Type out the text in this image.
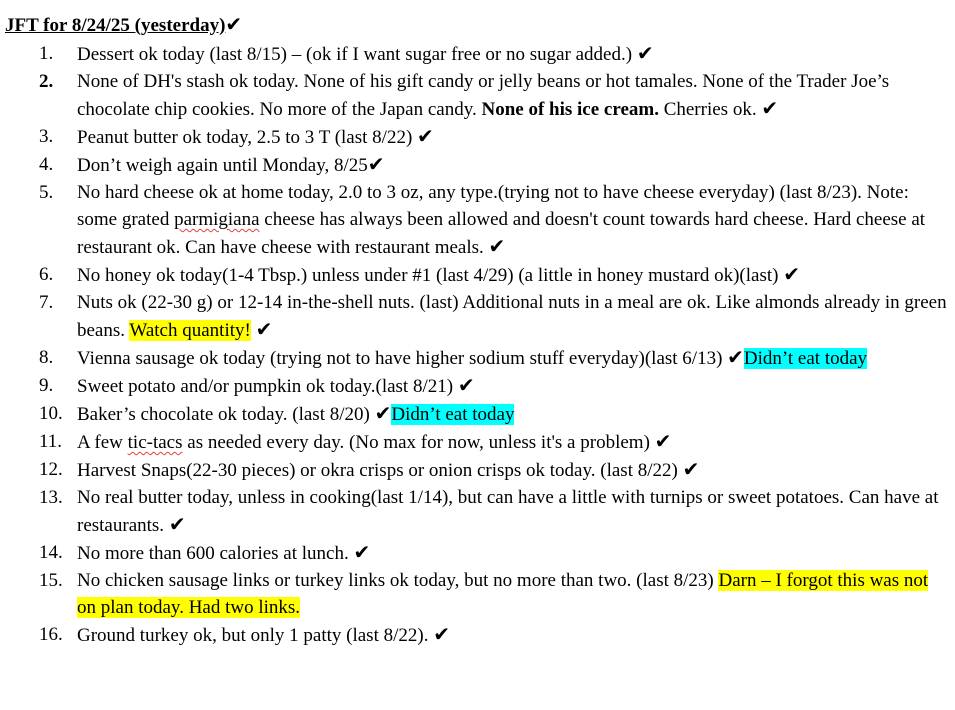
JFT for 8/24/25 (yesterday)✔
1. Dessert ok today (last 8/15) – (ok if I want sugar free or no sugar added.) ✔
2. None of DH's stash ok today. None of his gift candy or jelly beans or hot tamales. None of the Trader Joe’s chocolate chip cookies. No more of the Japan candy. None of his ice cream. Cherries ok. ✔
3. Peanut butter ok today, 2.5 to 3 T (last 8/22) ✔
4. Don’t weigh again until Monday, 8/25✔
5. No hard cheese ok at home today, 2.0 to 3 oz, any type.(trying not to have cheese everyday) (last 8/23). Note: some grated parmigiana cheese has always been allowed and doesn't count towards hard cheese. Hard cheese at restaurant ok. Can have cheese with restaurant meals. ✔
6. No honey ok today(1-4 Tbsp.) unless under #1 (last 4/29) (a little in honey mustard ok)(last) ✔
7. Nuts ok (22-30 g) or 12-14 in-the-shell nuts. (last) Additional nuts in a meal are ok. Like almonds already in green beans. Watch quantity! ✔
8. Vienna sausage ok today (trying not to have higher sodium stuff everyday)(last 6/13) ✔Didn’t eat today
9. Sweet potato and/or pumpkin ok today.(last 8/21) ✔
10. Baker’s chocolate ok today. (last 8/20) ✔Didn’t eat today
11. A few tic-tacs as needed every day. (No max for now, unless it's a problem) ✔
12. Harvest Snaps(22-30 pieces) or okra crisps or onion crisps ok today. (last 8/22) ✔
13. No real butter today, unless in cooking(last 1/14), but can have a little with turnips or sweet potatoes. Can have at restaurants. ✔
14. No more than 600 calories at lunch. ✔
15. No chicken sausage links or turkey links ok today, but no more than two. (last 8/23) Darn – I forgot this was not on plan today. Had two links.
16. Ground turkey ok, but only 1 patty (last 8/22). ✔
